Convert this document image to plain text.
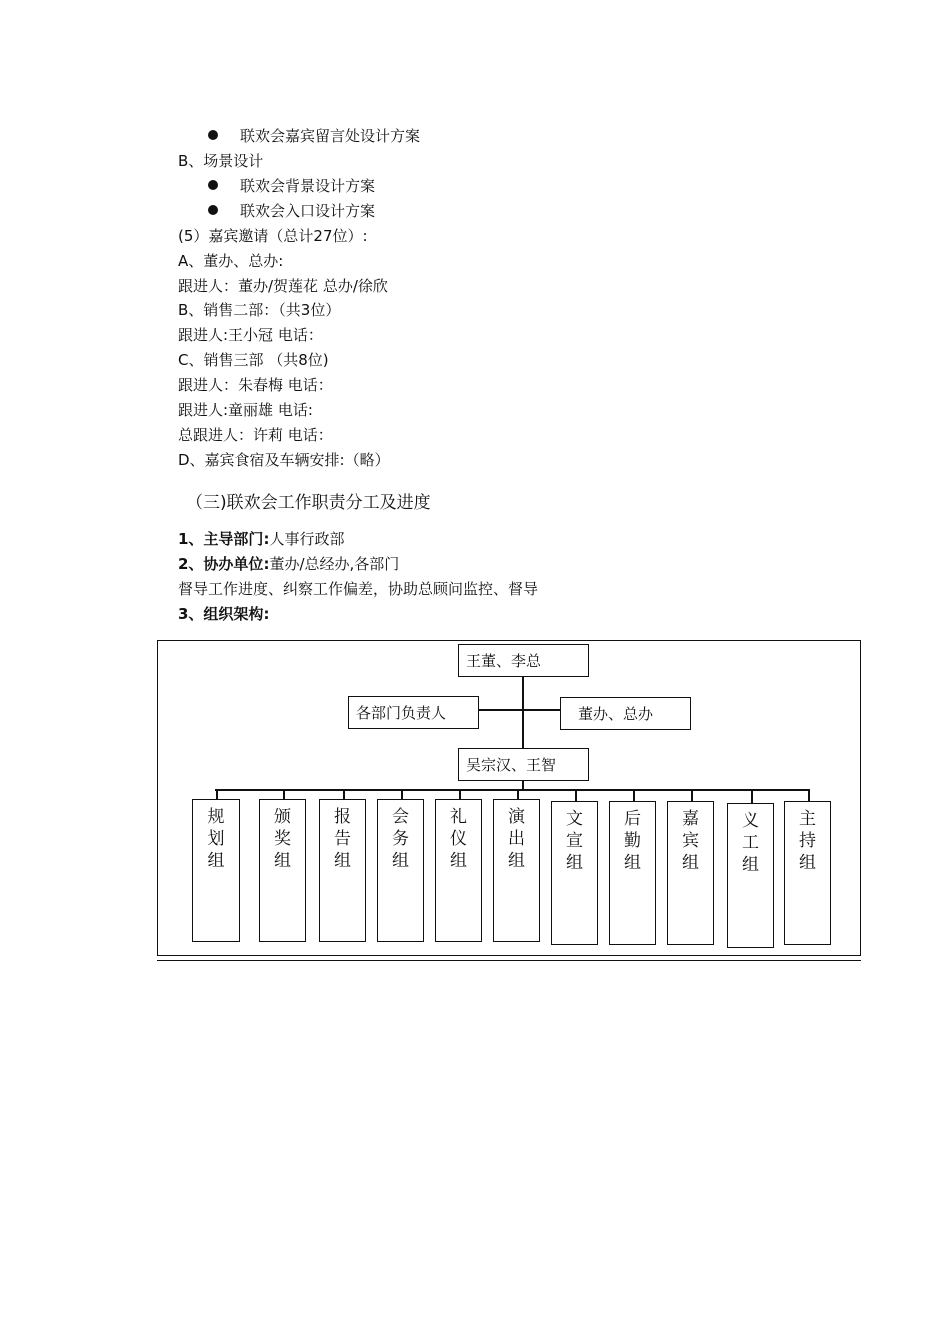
联欢会嘉宾留言处设计方案
B、场景设计
联欢会背景设计方案
联欢会入口设计方案
(5）嘉宾邀请（总计27位）:
A、董办、总办:
跟进人：董办/贺莲花 总办/徐欣
B、销售二部：（共3位）
跟进人:王小冠 电话：
C、销售三部 （共8位)
跟进人：朱春梅 电话：
跟进人:童丽雄 电话:
总跟进人：许莉 电话：
D、嘉宾食宿及车辆安排:（略）
（三)联欢会工作职责分工及进度
1、主导部门:人事行政部
2、协办单位:董办/总经办,各部门
督导工作进度、纠察工作偏差，协助总顾问监控、督导
3、组织架构:
王董、李总
各部门负责人	董办、总办
吴宗汉、王智
规
划
组
颁
奖
组
报
告
组
会
务
组
礼
仪
组
演
出
组
文
宣
组
后
勤
组
嘉
宾
组
义
工
组
主
持
组
